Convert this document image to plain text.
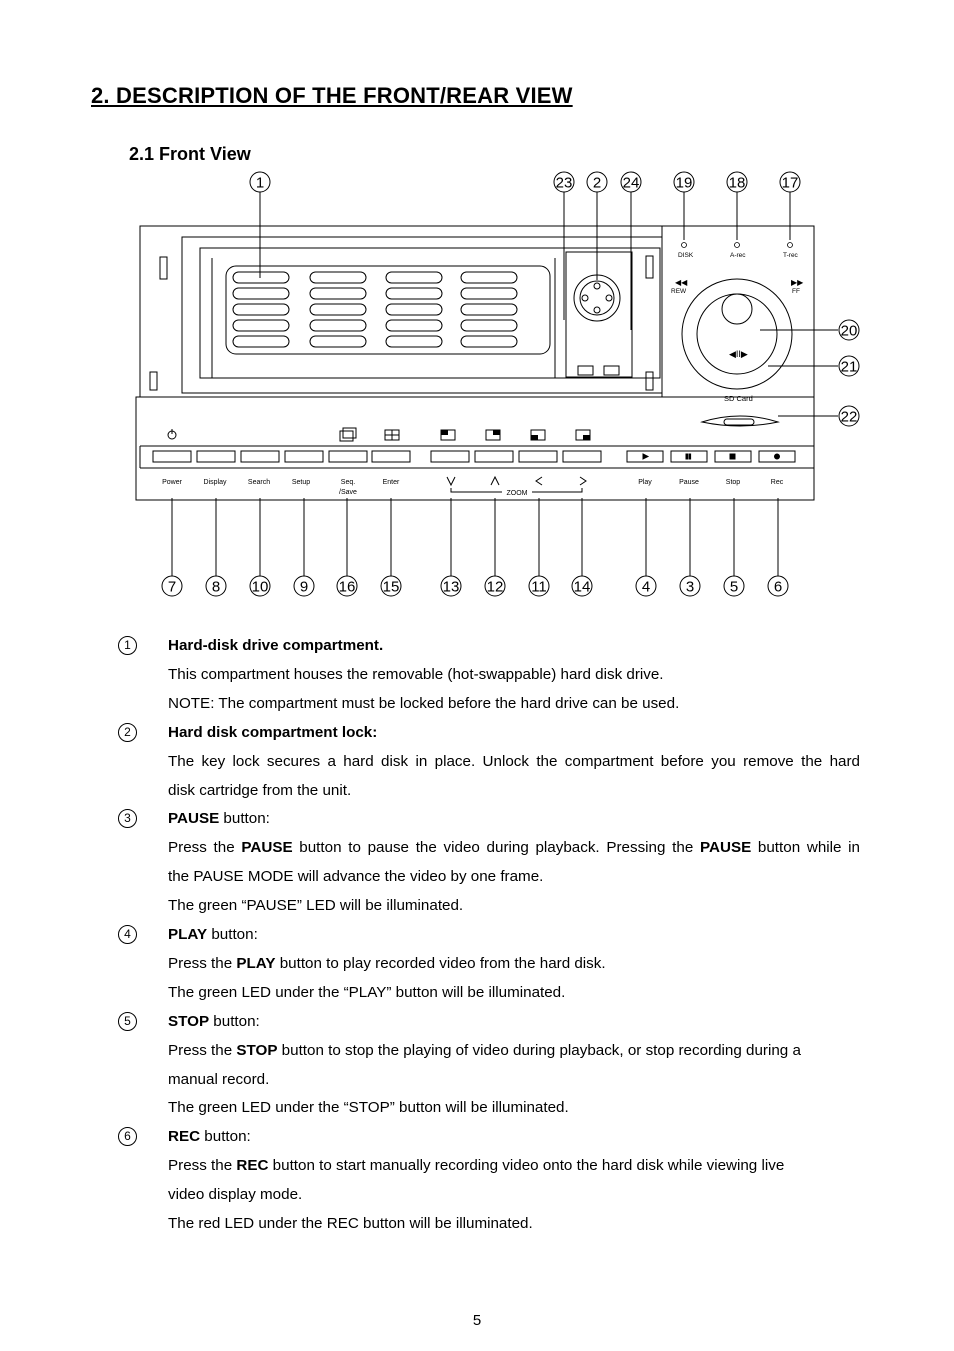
2. DESCRIPTION OF THE FRONT/REAR VIEW
2.1 Front View
1	23 2 24 19 18 17
20
21
22
7 8 10 9 16 15	13 12 11 14	4 3 5 6
DISK	A-rec	T-rec
REW	FF
◀◀	▶▶
◀II▶
SD Card
Power	Display	Search	Setup	Seq.
/Save
Enter	Play	Pause	Stop	Rec
ZOOM
1	Hard-disk drive compartment.
This compartment houses the removable (hot-swappable) hard disk drive.
NOTE: The compartment must be locked before the hard drive can be used.
2	Hard disk compartment lock:
The key lock secures a hard disk in place. Unlock the compartment before you remove the hard
disk cartridge from the unit.
3	PAUSE button:
Press the PAUSE button to pause the video during playback. Pressing the PAUSE button while in
the PAUSE MODE will advance the video by one frame.
The green “PAUSE” LED will be illuminated.
4	PLAY button:
Press the PLAY button to play recorded video from the hard disk.
The green LED under the “PLAY” button will be illuminated.
5	STOP button:
Press the STOP button to stop the playing of video during playback, or stop recording during a
manual record.
The green LED under the “STOP” button will be illuminated.
6	REC button:
Press the REC button to start manually recording video onto the hard disk while viewing live
video display mode.
The red LED under the REC button will be illuminated.
5
